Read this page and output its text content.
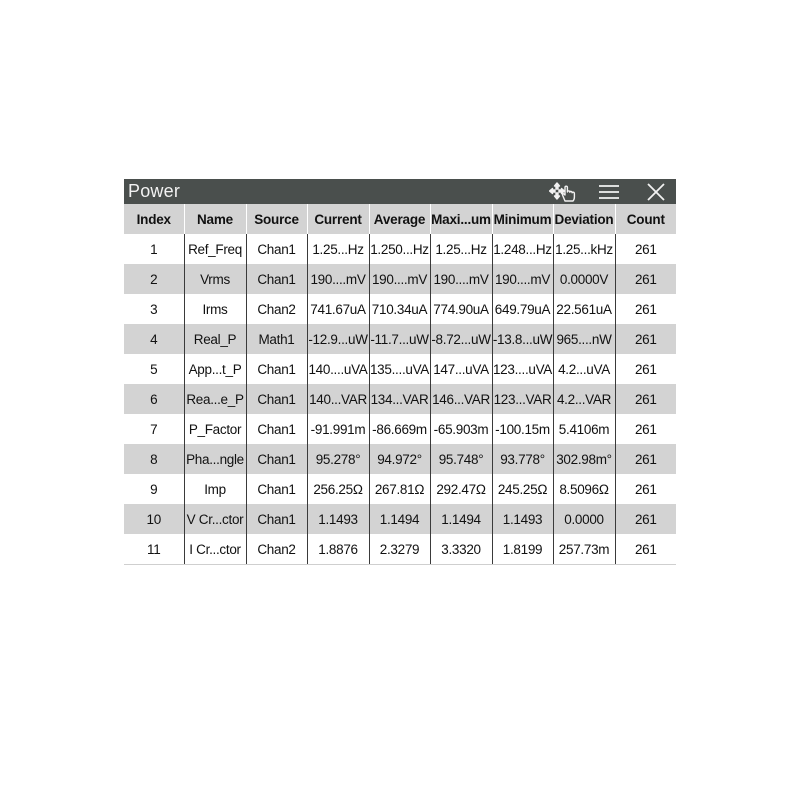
Power
Index	Name	Source	Current	Average	Maxi...um	Minimum	Deviation	Count
1	Ref_Freq	Chan1	1.25...Hz	1.250...Hz	1.25...Hz	1.248...Hz	1.25...kHz	261
2	Vrms	Chan1	190....mV	190....mV	190....mV	190....mV	0.0000V	261
3	Irms	Chan2	741.67uA	710.34uA	774.90uA	649.79uA	22.561uA	261
4	Real_P	Math1	-12.9...uW	-11.7...uW	-8.72...uW	-13.8...uW	965....nW	261
5	App...t_P	Chan1	140....uVA	135....uVA	147...uVA	123....uVA	4.2...uVA	261
6	Rea...e_P	Chan1	140...VAR	134...VAR	146...VAR	123...VAR	4.2...VAR	261
7	P_Factor	Chan1	-91.991m	-86.669m	-65.903m	-100.15m	5.4106m	261
8	Pha...ngle	Chan1	95.278°	94.972°	95.748°	93.778°	302.98m°	261
9	Imp	Chan1	256.25Ω	267.81Ω	292.47Ω	245.25Ω	8.5096Ω	261
10	V Cr...ctor	Chan1	1.1493	1.1494	1.1494	1.1493	0.0000	261
11	I Cr...ctor	Chan2	1.8876	2.3279	3.3320	1.8199	257.73m	261
